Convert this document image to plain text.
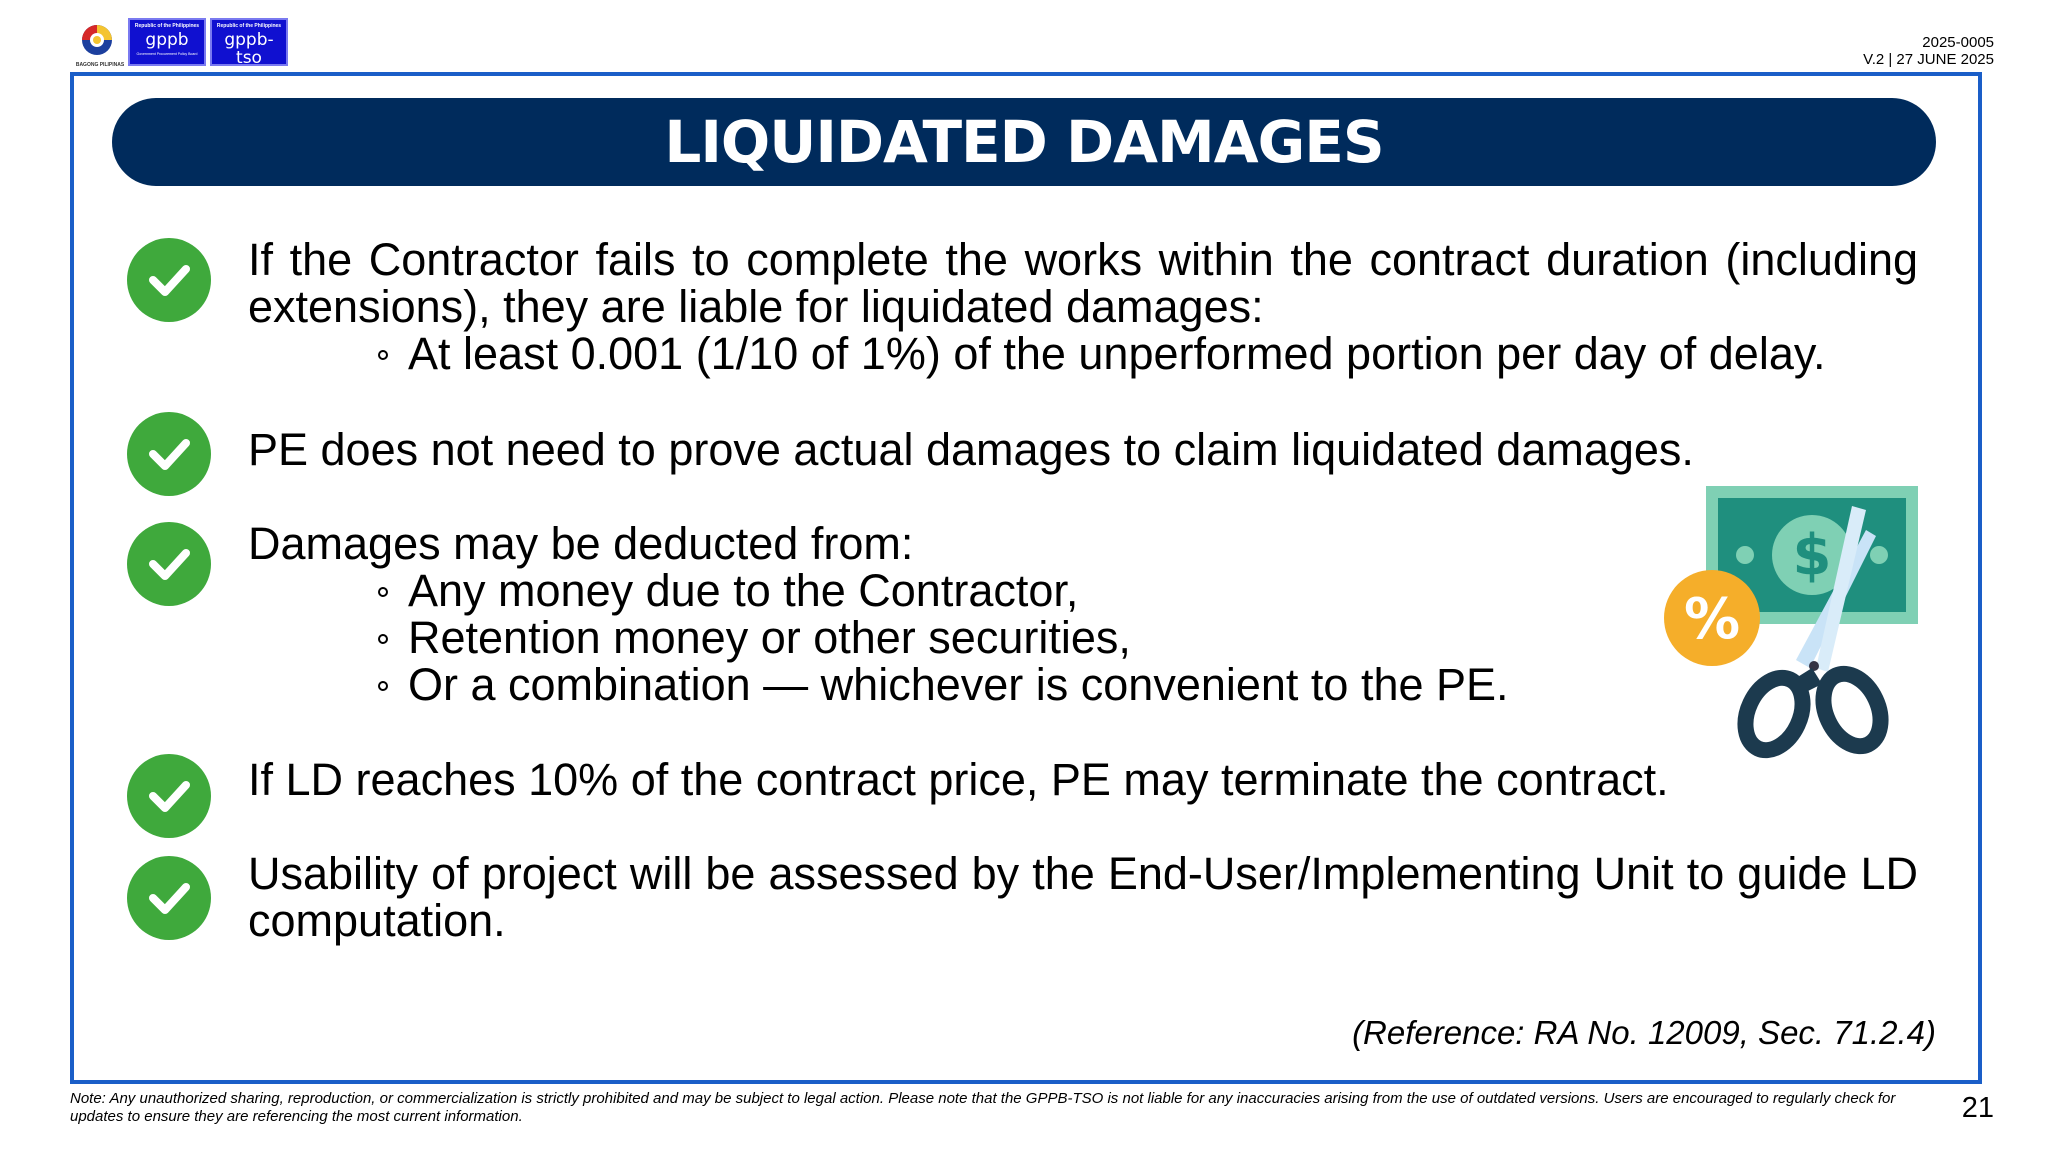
BAGONG PILIPINAS
Republic of the Philippines
gppb
Government Procurement Policy Board
Republic of the Philippines
gppb-tso
Government Procurement Policy Board Technical Support Office
2025-0005
V.2 | 27 JUNE 2025
LIQUIDATED DAMAGES
If the Contractor fails to complete the works within the contract duration (including extensions), they are liable for liquidated damages:
At least 0.001 (1/10 of 1%) of the unperformed portion per day of delay.
PE does not need to prove actual damages to claim liquidated damages.
Damages may be deducted from:
Any money due to the Contractor,
Retention money or other securities,
Or a combination — whichever is convenient to the PE.
If LD reaches 10% of the contract price, PE may terminate the contract.
Usability of project will be assessed by the End-User/Implementing Unit to guide LD computation.
$
%
(Reference: RA No. 12009, Sec. 71.2.4)
Note: Any unauthorized sharing, reproduction, or commercialization is strictly prohibited and may be subject to legal action. Please note that the GPPB-TSO is not liable for any inaccuracies arising from the use of outdated versions. Users are encouraged to regularly check for updates to ensure they are referencing the most current information.	21
